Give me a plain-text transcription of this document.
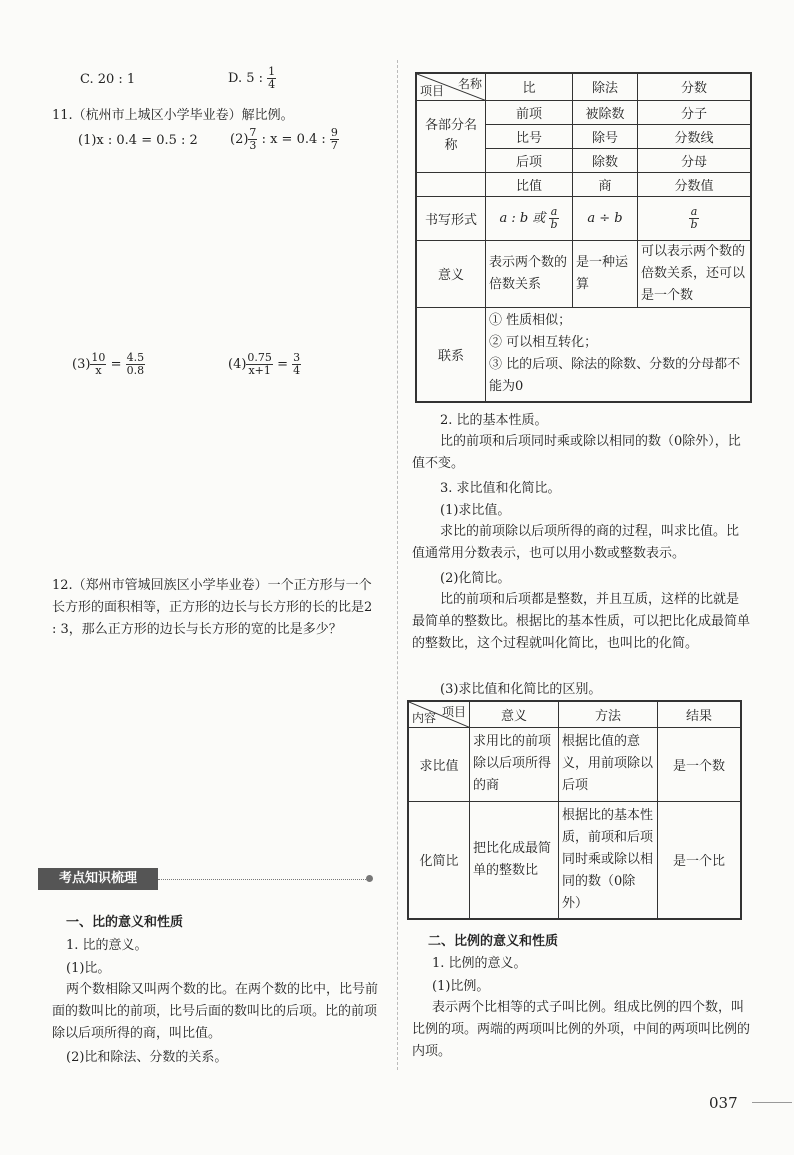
C. 20 : 1	D. 5 : $\frac{1}{4}$
11.（杭州市上城区小学毕业卷）解比例。
(1)x : 0.4 = 0.5 : 2 $(2) \frac{7}{3}$ : x = 0.4 : $\frac{9}{7}$
$(3) \frac{10}{x} = \frac{4.5}{0.8}$	$(4) \frac{0.75}{x+1} = \frac{3}{4}$
12.（郑州市管城回族区小学毕业卷）一个正方形与一个长方形的面积相等，正方形的边长与长方形的长的比是2 : 3，那么正方形的边长与长方形的宽的比是多少？
考点知识梳理
一、比的意义和性质
1. 比的意义。
(1)比。
两个数相除又叫两个数的比。在两个数的比中，比号前面的数叫比的前项，比号后面的数叫比的后项。比的前项除以后项所得的商，叫比值。
(2)比和除法、分数的关系。
名称
项目	比	除法	分数
各部分名称	前项	被除数	分子
	比号	除号	分数线
	后项	除数	分母
	比值	商	分数值
书写形式	a : b 或 $\frac{a}{b}$	a ÷ b	$\frac{a}{b}$

意义	表示两个数的倍数关系	是一种运算	可以表示两个数的倍数关系，还可以是一个数
联系	① 性质相似；
② 可以相互转化；
③ 比的后项、除法的除数、分数的分母都不能为0		
2. 比的基本性质。
比的前项和后项同时乘或除以相同的数（0除外），比值不变。
3. 求比值和化简比。
(1)求比值。
求比的前项除以后项所得的商的过程，叫求比值。比值通常用分数表示，也可以用小数或整数表示。
(2)化简比。
比的前项和后项都是整数，并且互质，这样的比就是最简单的整数比。根据比的基本性质，可以把比化成最简单的整数比，这个过程就叫化简比，也叫比的化简。
(3)求比值和化简比的区别。
项目
内容	意义	方法	结果
求比值	求用比的前项除以后项所得的商	根据比值的意义，用前项除以后项	是一个数
化简比	把比化成最简单的整数比	根据比的基本性质，前项和后项同时乘或除以相同的数（0除外）	是一个比
二、比例的意义和性质
1. 比例的意义。
(1)比例。
表示两个比相等的式子叫比例。组成比例的四个数，叫比例的项。两端的两项叫比例的外项，中间的两项叫比例的内项。
037
